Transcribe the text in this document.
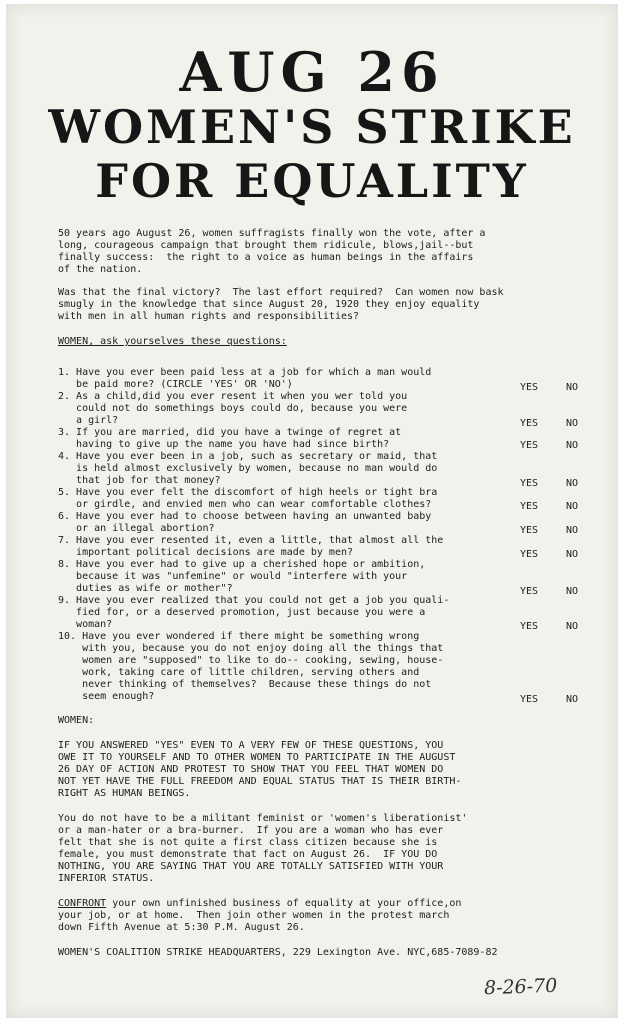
AUG 26
WOMEN'S STRIKE
FOR EQUALITY
50 years ago August 26, women suffragists finally won the vote, after a
long, courageous campaign that brought them ridicule, blows,jail--but
finally success:  the right to a voice as human beings in the affairs
of the nation.
Was that the final victory?  The last effort required?  Can women now bask
smugly in the knowledge that since August 20, 1920 they enjoy equality
with men in all human rights and responsibilities?
WOMEN, ask yourselves these questions:
1. Have you ever been paid less at a job for which a man would
be paid more? (CIRCLE 'YES' OR 'NO')	YES	NO
2. As a child,did you ever resent it when you wer told you
could not do somethings boys could do, because you were
a girl?	YES	NO
3. If you are married, did you have a twinge of regret at
having to give up the name you have had since birth?	YES	NO
4. Have you ever been in a job, such as secretary or maid, that
is held almost exclusively by women, because no man would do
that job for that money?	YES	NO
5. Have you ever felt the discomfort of high heels or tight bra
or girdle, and envied men who can wear comfortable clothes?	YES	NO
6. Have you ever had to choose between having an unwanted baby
or an illegal abortion?	YES	NO
7. Have you ever resented it, even a little, that almost all the
important political decisions are made by men?	YES	NO
8. Have you ever had to give up a cherished hope or ambition,
because it was "unfemine" or would "interfere with your
duties as wife or mother"?	YES	NO
9. Have you ever realized that you could not get a job you quali-
fied for, or a deserved promotion, just because you were a
woman?	YES	NO
10. Have you ever wondered if there might be something wrong
with you, because you do not enjoy doing all the things that
women are "supposed" to like to do-- cooking, sewing, house-
work, taking care of little children, serving others and
never thinking of themselves?  Because these things do not
seem enough?	YES	NO
WOMEN:
IF YOU ANSWERED "YES" EVEN TO A VERY FEW OF THESE QUESTIONS, YOU
OWE IT TO YOURSELF AND TO OTHER WOMEN TO PARTICIPATE IN THE AUGUST
26 DAY OF ACTION AND PROTEST TO SHOW THAT YOU FEEL THAT WOMEN DO
NOT YET HAVE THE FULL FREEDOM AND EQUAL STATUS THAT IS THEIR BIRTH-
RIGHT AS HUMAN BEINGS.
You do not have to be a militant feminist or 'women's liberationist'
or a man-hater or a bra-burner.  If you are a woman who has ever
felt that she is not quite a first class citizen because she is
female, you must demonstrate that fact on August 26.  IF YOU DO
NOTHING, YOU ARE SAYING THAT YOU ARE TOTALLY SATISFIED WITH YOUR
INFERIOR STATUS.
CONFRONT your own unfinished business of equality at your office,on
your job, or at home.  Then join other women in the protest march
down Fifth Avenue at 5:30 P.M. August 26.
WOMEN'S COALITION STRIKE HEADQUARTERS, 229 Lexington Ave. NYC,685-7089-82
8-26-70
